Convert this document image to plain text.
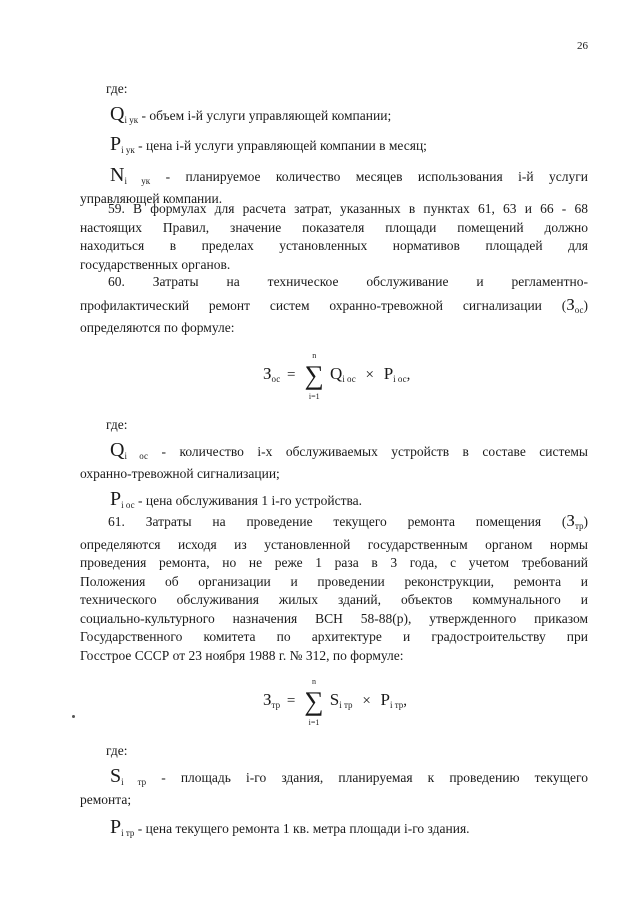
26
где:
$Q_{i ук}$ - объем i-й услуги управляющей компании;
$P_{i ук}$ - цена i-й услуги управляющей компании в месяц;
$N_{i ук}$ - планируемое количество месяцев использования i-й услуги
управляющей компании.
59. В формулах для расчета затрат, указанных в пунктах 61, 63 и 66 - 68
настоящих Правил, значение показателя площади помещений должно
находиться в пределах установленных нормативов площадей для
государственных органов.
60. Затраты на техническое обслуживание и регламентно-
профилактический ремонт систем охранно-тревожной сигнализации $(З_{ос})$
определяются по формуле:
$З_{ос}$ =
n
∑
i=1
$Q_{i ос} \times P_{i ос}$,
где:
$Q_{i ос}$ - количество i-х обслуживаемых устройств в составе системы
охранно-тревожной сигнализации;
$P_{i ос}$ - цена обслуживания 1 i-го устройства.
61. Затраты на проведение текущего ремонта помещения $(З_{тр})$
определяются исходя из установленной государственным органом нормы
проведения ремонта, но не реже 1 раза в 3 года, с учетом требований
Положения об организации и проведении реконструкции, ремонта и
технического обслуживания жилых зданий, объектов коммунального и
социально-культурного назначения ВСН 58-88(р), утвержденного приказом
Государственного комитета по архитектуре и градостроительству при
Госстрое СССР от 23 ноября 1988 г. № 312, по формуле:
$З_{тр}$ =
n
∑
i=1
$S_{i тр} \times P_{i тр}$,
где:
$S_{i тр}$ - площадь i-го здания, планируемая к проведению текущего
ремонта;
$P_{i тр}$ - цена текущего ремонта 1 кв. метра площади i-го здания.
